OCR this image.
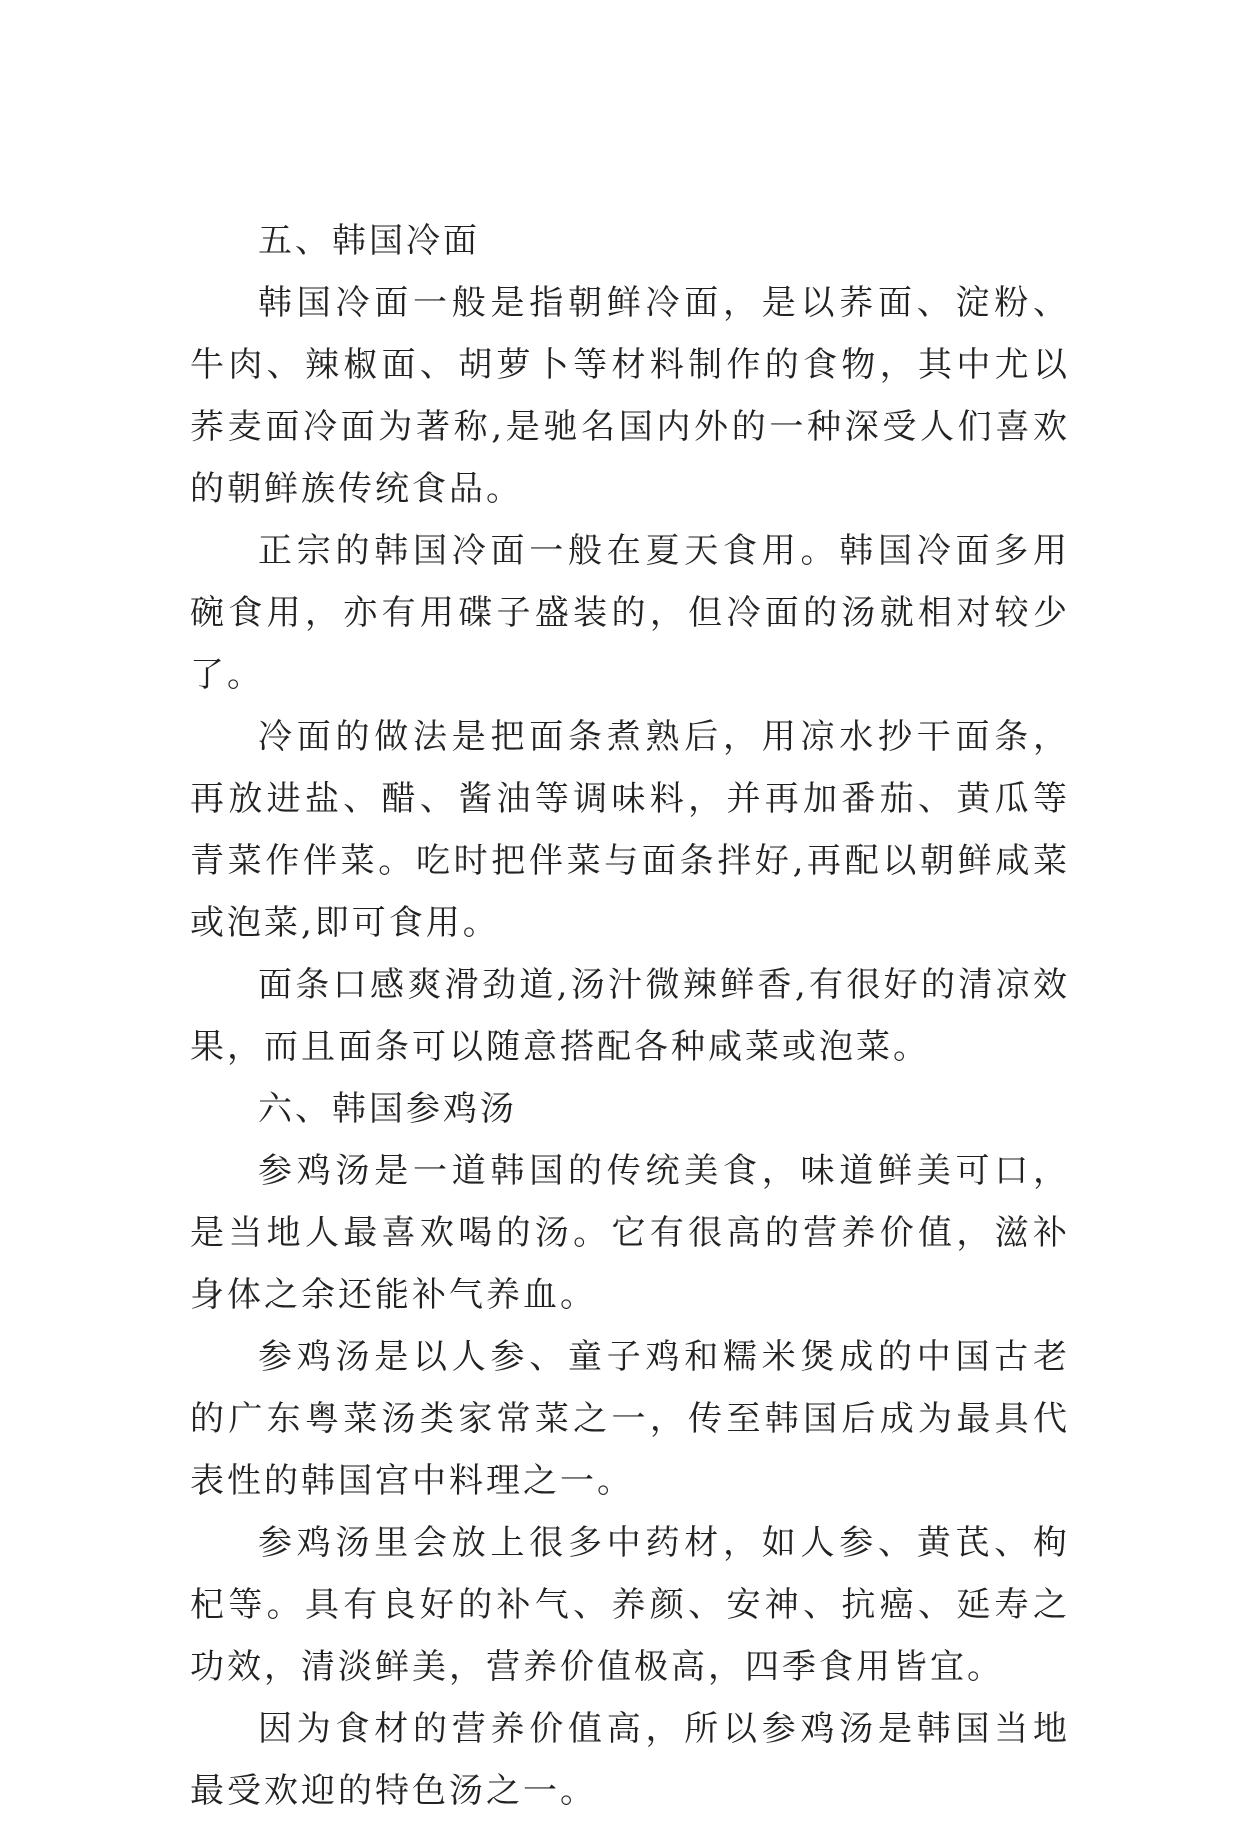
五、韩国冷面

韩国冷面一般是指朝鲜冷面，是以荞面、淀粉、牛肉、辣椒面、胡萝卜等材料制作的食物，其中尤以荞麦面冷面为著称,是驰名国内外的一种深受人们喜欢的朝鲜族传统食品。

正宗的韩国冷面一般在夏天食用。韩国冷面多用碗食用，亦有用碟子盛装的，但冷面的汤就相对较少了。

冷面的做法是把面条煮熟后，用凉水抄干面条，再放进盐、醋、酱油等调味料，并再加番茄、黄瓜等青菜作伴菜。吃时把伴菜与面条拌好,再配以朝鲜咸菜或泡菜,即可食用。

面条口感爽滑劲道,汤汁微辣鲜香,有很好的清凉效果，而且面条可以随意搭配各种咸菜或泡菜。

六、韩国参鸡汤

参鸡汤是一道韩国的传统美食，味道鲜美可口，是当地人最喜欢喝的汤。它有很高的营养价值，滋补身体之余还能补气养血。

参鸡汤是以人参、童子鸡和糯米煲成的中国古老的广东粤菜汤类家常菜之一，传至韩国后成为最具代表性的韩国宫中料理之一。

参鸡汤里会放上很多中药材，如人参、黄芪、枸杞等。具有良好的补气、养颜、安神、抗癌、延寿之功效，清淡鲜美，营养价值极高，四季食用皆宜。

因为食材的营养价值高，所以参鸡汤是韩国当地最受欢迎的特色汤之一。
